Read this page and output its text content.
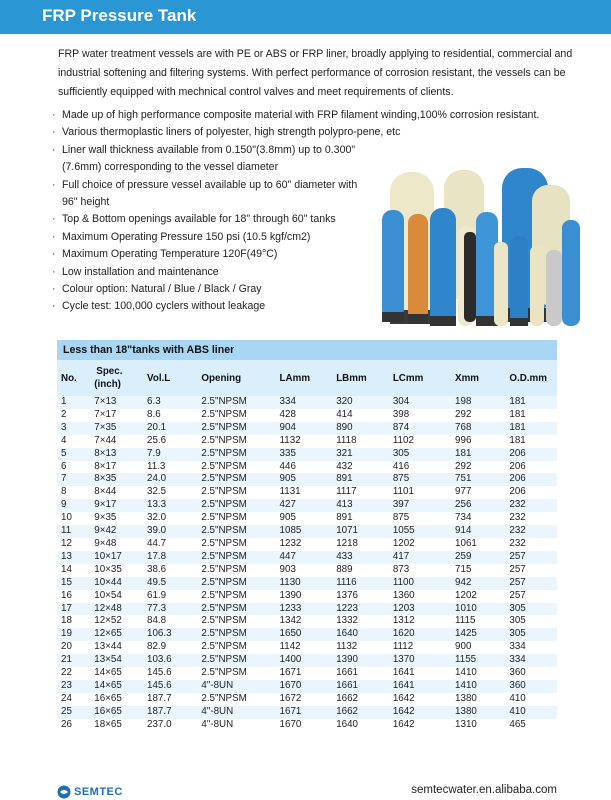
FRP Pressure Tank
FRP water treatment vessels are with PE or ABS or FRP liner, broadly applying to residential, commercial and industrial softening and filtering systems. With perfect performance of corrosion resistant, the vessels can be sufficiently equipped with mechnical control valves and meet requirements of clients.
· Made up of high performance composite material with FRP filament winding,100% corrosion resistant.
· Various thermoplastic liners of polyester, high strength polypro-pene, etc
· Liner wall thickness available from 0.150"(3.8mm) up to 0.300"
(7.6mm) corresponding to the vessel diameter
· Full choice of pressure vessel available up to 60" diameter with
96" height
· Top & Bottom openings available for 18" through 60" tanks
· Maximum Operating Pressure 150 psi (10.5 kgf/cm2)
· Maximum Operating Temperature 120F(49°C)
· Low installation and maintenance
· Colour option: Natural / Blue / Black / Gray
· Cycle test: 100,000 cyclers without leakage
Less than 18"tanks with ABS liner
No.	Spec.
(inch)	Vol.L	Opening	LAmm	LBmm	LCmm	Xmm	O.D.mm
1	7×13	6.3	2.5"NPSM	334	320	304	198	181
2	7×17	8.6	2.5"NPSM	428	414	398	292	181
3	7×35	20.1	2.5"NPSM	904	890	874	768	181
4	7×44	25.6	2.5"NPSM	1132	1118	1102	996	181
5	8×13	7.9	2.5"NPSM	335	321	305	181	206
6	8×17	11.3	2.5"NPSM	446	432	416	292	206
7	8×35	24.0	2.5"NPSM	905	891	875	751	206
8	8×44	32.5	2.5"NPSM	1131	1117	1101	977	206
9	9×17	13.3	2.5"NPSM	427	413	397	256	232
10	9×35	32.0	2.5"NPSM	905	891	875	734	232
11	9×42	39.0	2.5"NPSM	1085	1071	1055	914	232
12	9×48	44.7	2.5"NPSM	1232	1218	1202	1061	232
13	10×17	17.8	2.5"NPSM	447	433	417	259	257
14	10×35	38.6	2.5"NPSM	903	889	873	715	257
15	10×44	49.5	2.5"NPSM	1130	1116	1100	942	257
16	10×54	61.9	2.5"NPSM	1390	1376	1360	1202	257
17	12×48	77.3	2.5"NPSM	1233	1223	1203	1010	305
18	12×52	84.8	2.5"NPSM	1342	1332	1312	1115	305
19	12×65	106.3	2.5"NPSM	1650	1640	1620	1425	305
20	13×44	82.9	2.5"NPSM	1142	1132	1112	900	334
21	13×54	103.6	2.5"NPSM	1400	1390	1370	1155	334
22	14×65	145.6	2.5"NPSM	1671	1661	1641	1410	360
23	14×65	145.6	4"-8UN	1670	1661	1641	1410	360
24	16×65	187.7	2.5"NPSM	1672	1662	1642	1380	410
25	16×65	187.7	4"-8UN	1671	1662	1642	1380	410
26	18×65	237.0	4"-8UN	1670	1640	1642	1310	465
SEMTEC	semtecwater.en.alibaba.com
